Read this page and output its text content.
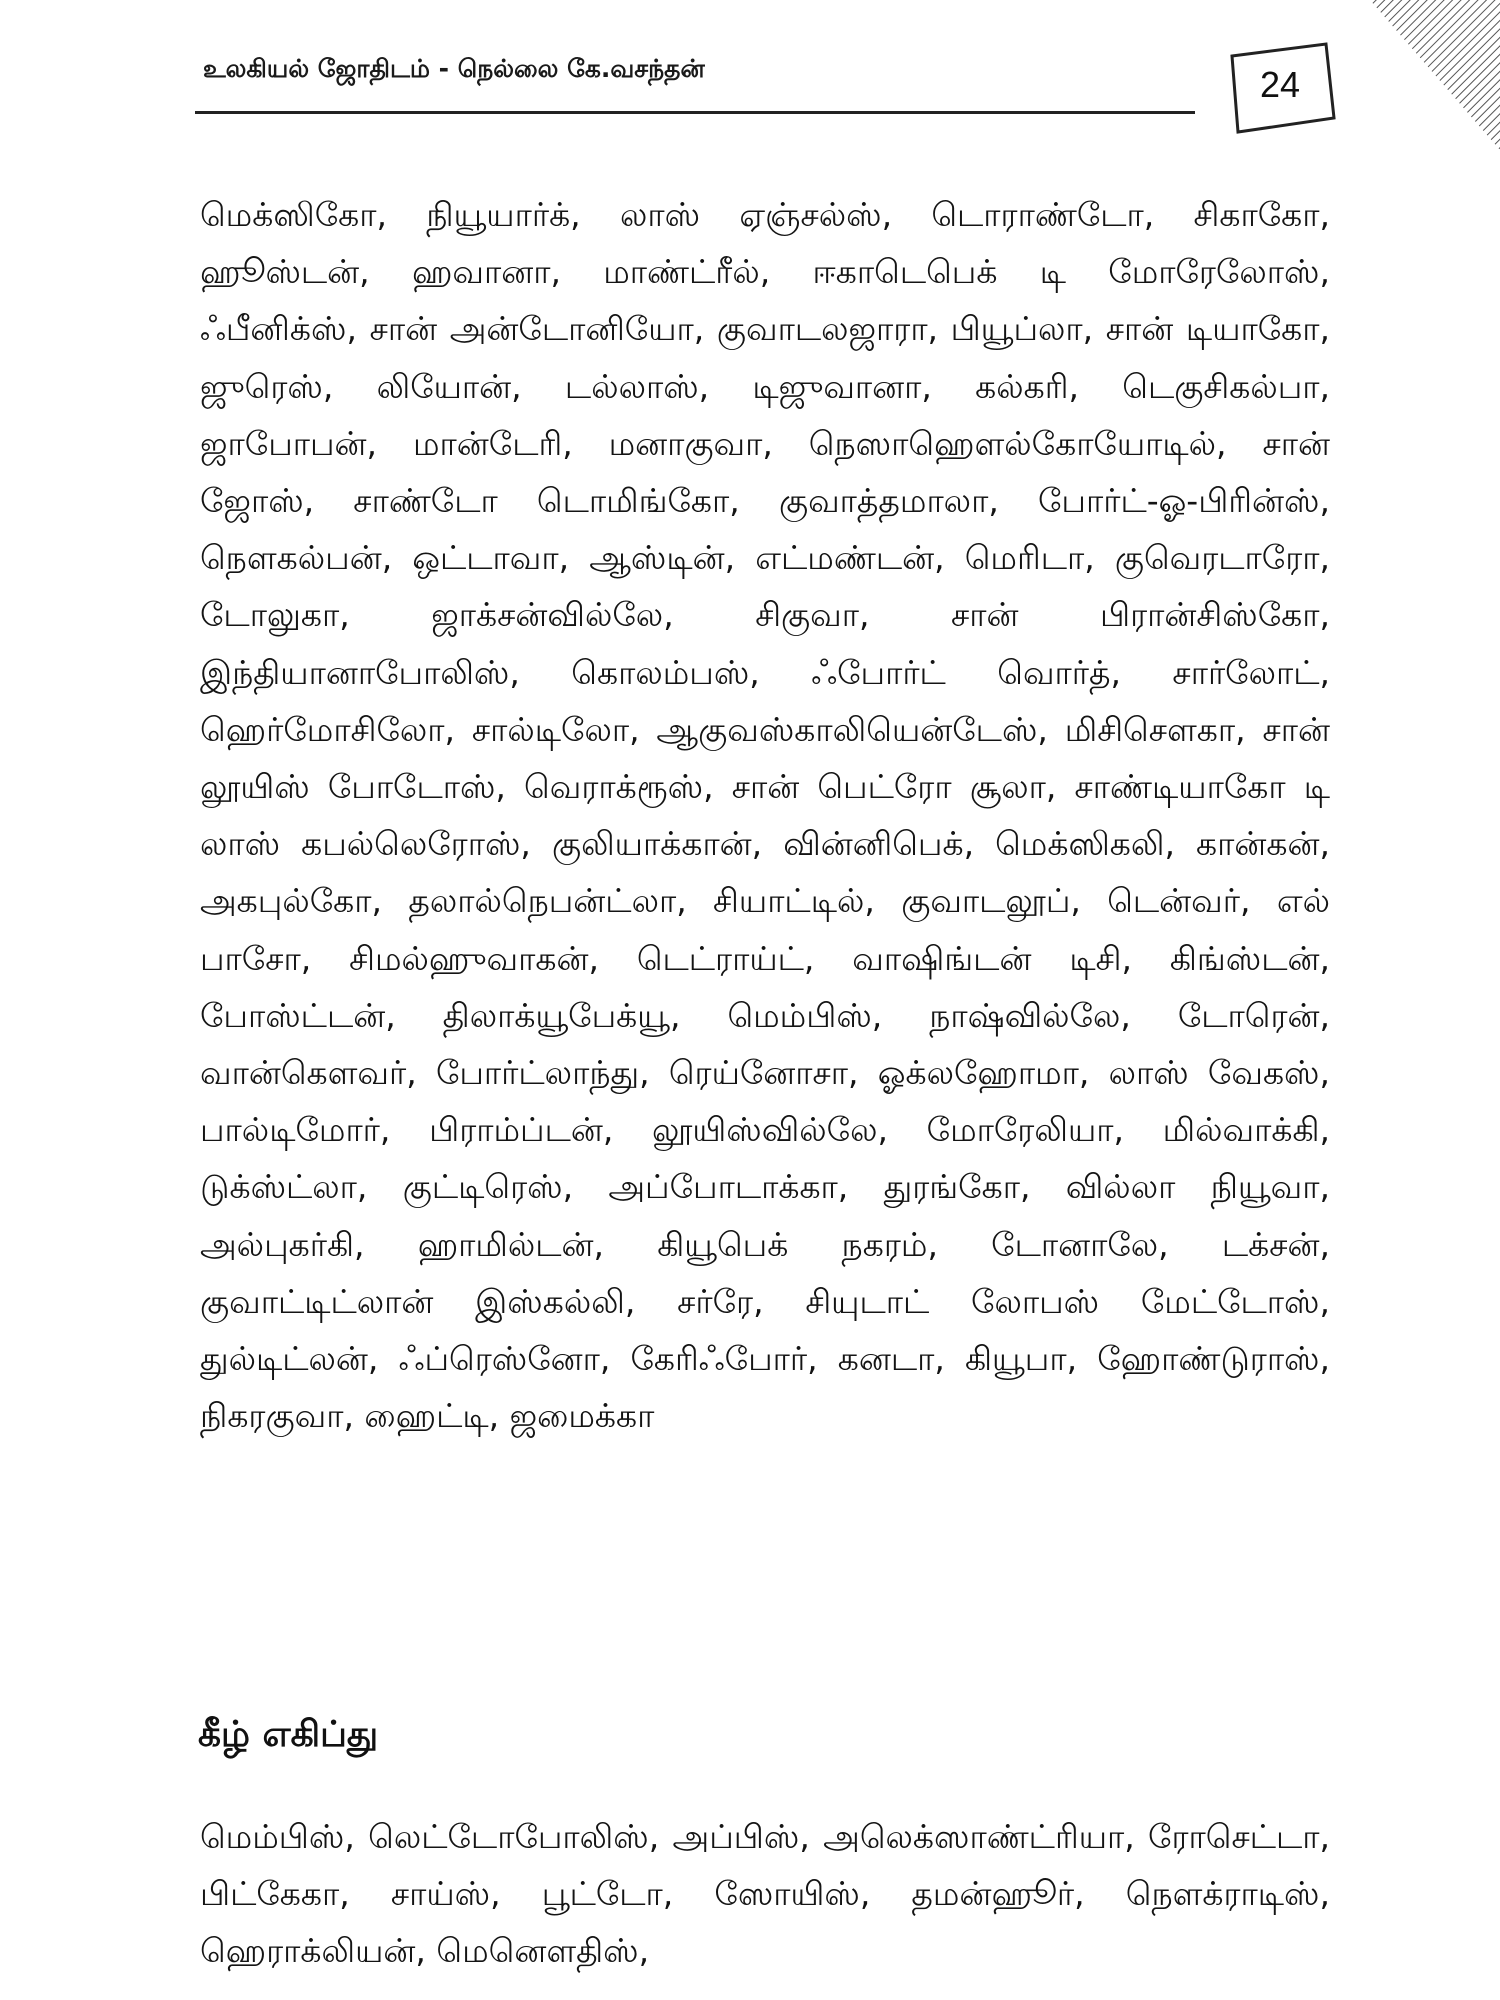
உலகியல் ஜோதிடம் - நெல்லை கே.வசந்தன்	24

மெக்ஸிகோ, நியூயார்க், லாஸ் ஏஞ்சல்ஸ், டொராண்டோ, சிகாகோ, ஹூஸ்டன், ஹவானா, மாண்ட்ரீல், ஈகாடெபெக் டி மோரேலோஸ், ஃபீனிக்ஸ், சான் அன்டோனியோ, குவாடலஜாரா, பியூப்லா, சான் டியாகோ, ஜுரெஸ், லியோன், டல்லாஸ், டிஜுவானா, கல்கரி, டெகுசிகல்பா, ஜாபோபன், மான்டேரி, மனாகுவா, நெஸாஹெளல்கோயோடில், சான் ஜோஸ், சாண்டோ டொமிங்கோ, குவாத்தமாலா, போர்ட்-ஓ-பிரின்ஸ், நௌகல்பன், ஒட்டாவா, ஆஸ்டின், எட்மண்டன், மெரிடா, குவெரடாரோ, டோலுகா, ஜாக்சன்வில்லே, சிகுவா, சான் பிரான்சிஸ்கோ, இந்தியானாபோலிஸ், கொலம்பஸ், ஃபோர்ட் வொர்த், சார்லோட், ஹெர்மோசிலோ, சால்டிலோ, ஆகுவஸ்காலியென்டேஸ், மிசிசௌகா, சான் லூயிஸ் போடோஸ், வெராக்ரூஸ், சான் பெட்ரோ சூலா, சாண்டியாகோ டி லாஸ் கபல்லெரோஸ், குலியாக்கான், வின்னிபெக், மெக்ஸிகலி, கான்கன், அகபுல்கோ, தலால்நெபன்ட்லா, சியாட்டில், குவாடலூப், டென்வர், எல் பாசோ, சிமல்ஹுவாகன், டெட்ராய்ட், வாஷிங்டன் டிசி, கிங்ஸ்டன், போஸ்ட்டன், திலாக்யூபேக்யூ, மெம்பிஸ், நாஷ்வில்லே, டோரென், வான்கௌவர், போர்ட்லாந்து, ரெய்னோசா, ஓக்லஹோமா, லாஸ் வேகஸ், பால்டிமோர், பிராம்ப்டன், லூயிஸ்வில்லே, மோரேலியா, மில்வாக்கி, டுக்ஸ்ட்லா, குட்டிரெஸ், அப்போடாக்கா, துரங்கோ, வில்லா நியூவா, அல்புகர்கி, ஹாமில்டன், கியூபெக் நகரம், டோனாலே, டக்சன், குவாட்டிட்லான் இஸ்கல்லி, சர்ரே, சியுடாட் லோபஸ் மேட்டோஸ், துல்டிட்லன், ஃப்ரெஸ்னோ, கேரிஃபோர், கனடா, கியூபா, ஹோண்டுராஸ், நிகரகுவா, ஹைட்டி, ஜமைக்கா

கீழ் எகிப்து

மெம்பிஸ், லெட்டோபோலிஸ், அப்பிஸ், அலெக்ஸாண்ட்ரியா, ரோசெட்டா, பிட்கேகா, சாய்ஸ், பூட்டோ, ஸோயிஸ், தமன்ஹூர், நௌக்ராடிஸ், ஹெராக்லியன், மெனௌதிஸ்,
